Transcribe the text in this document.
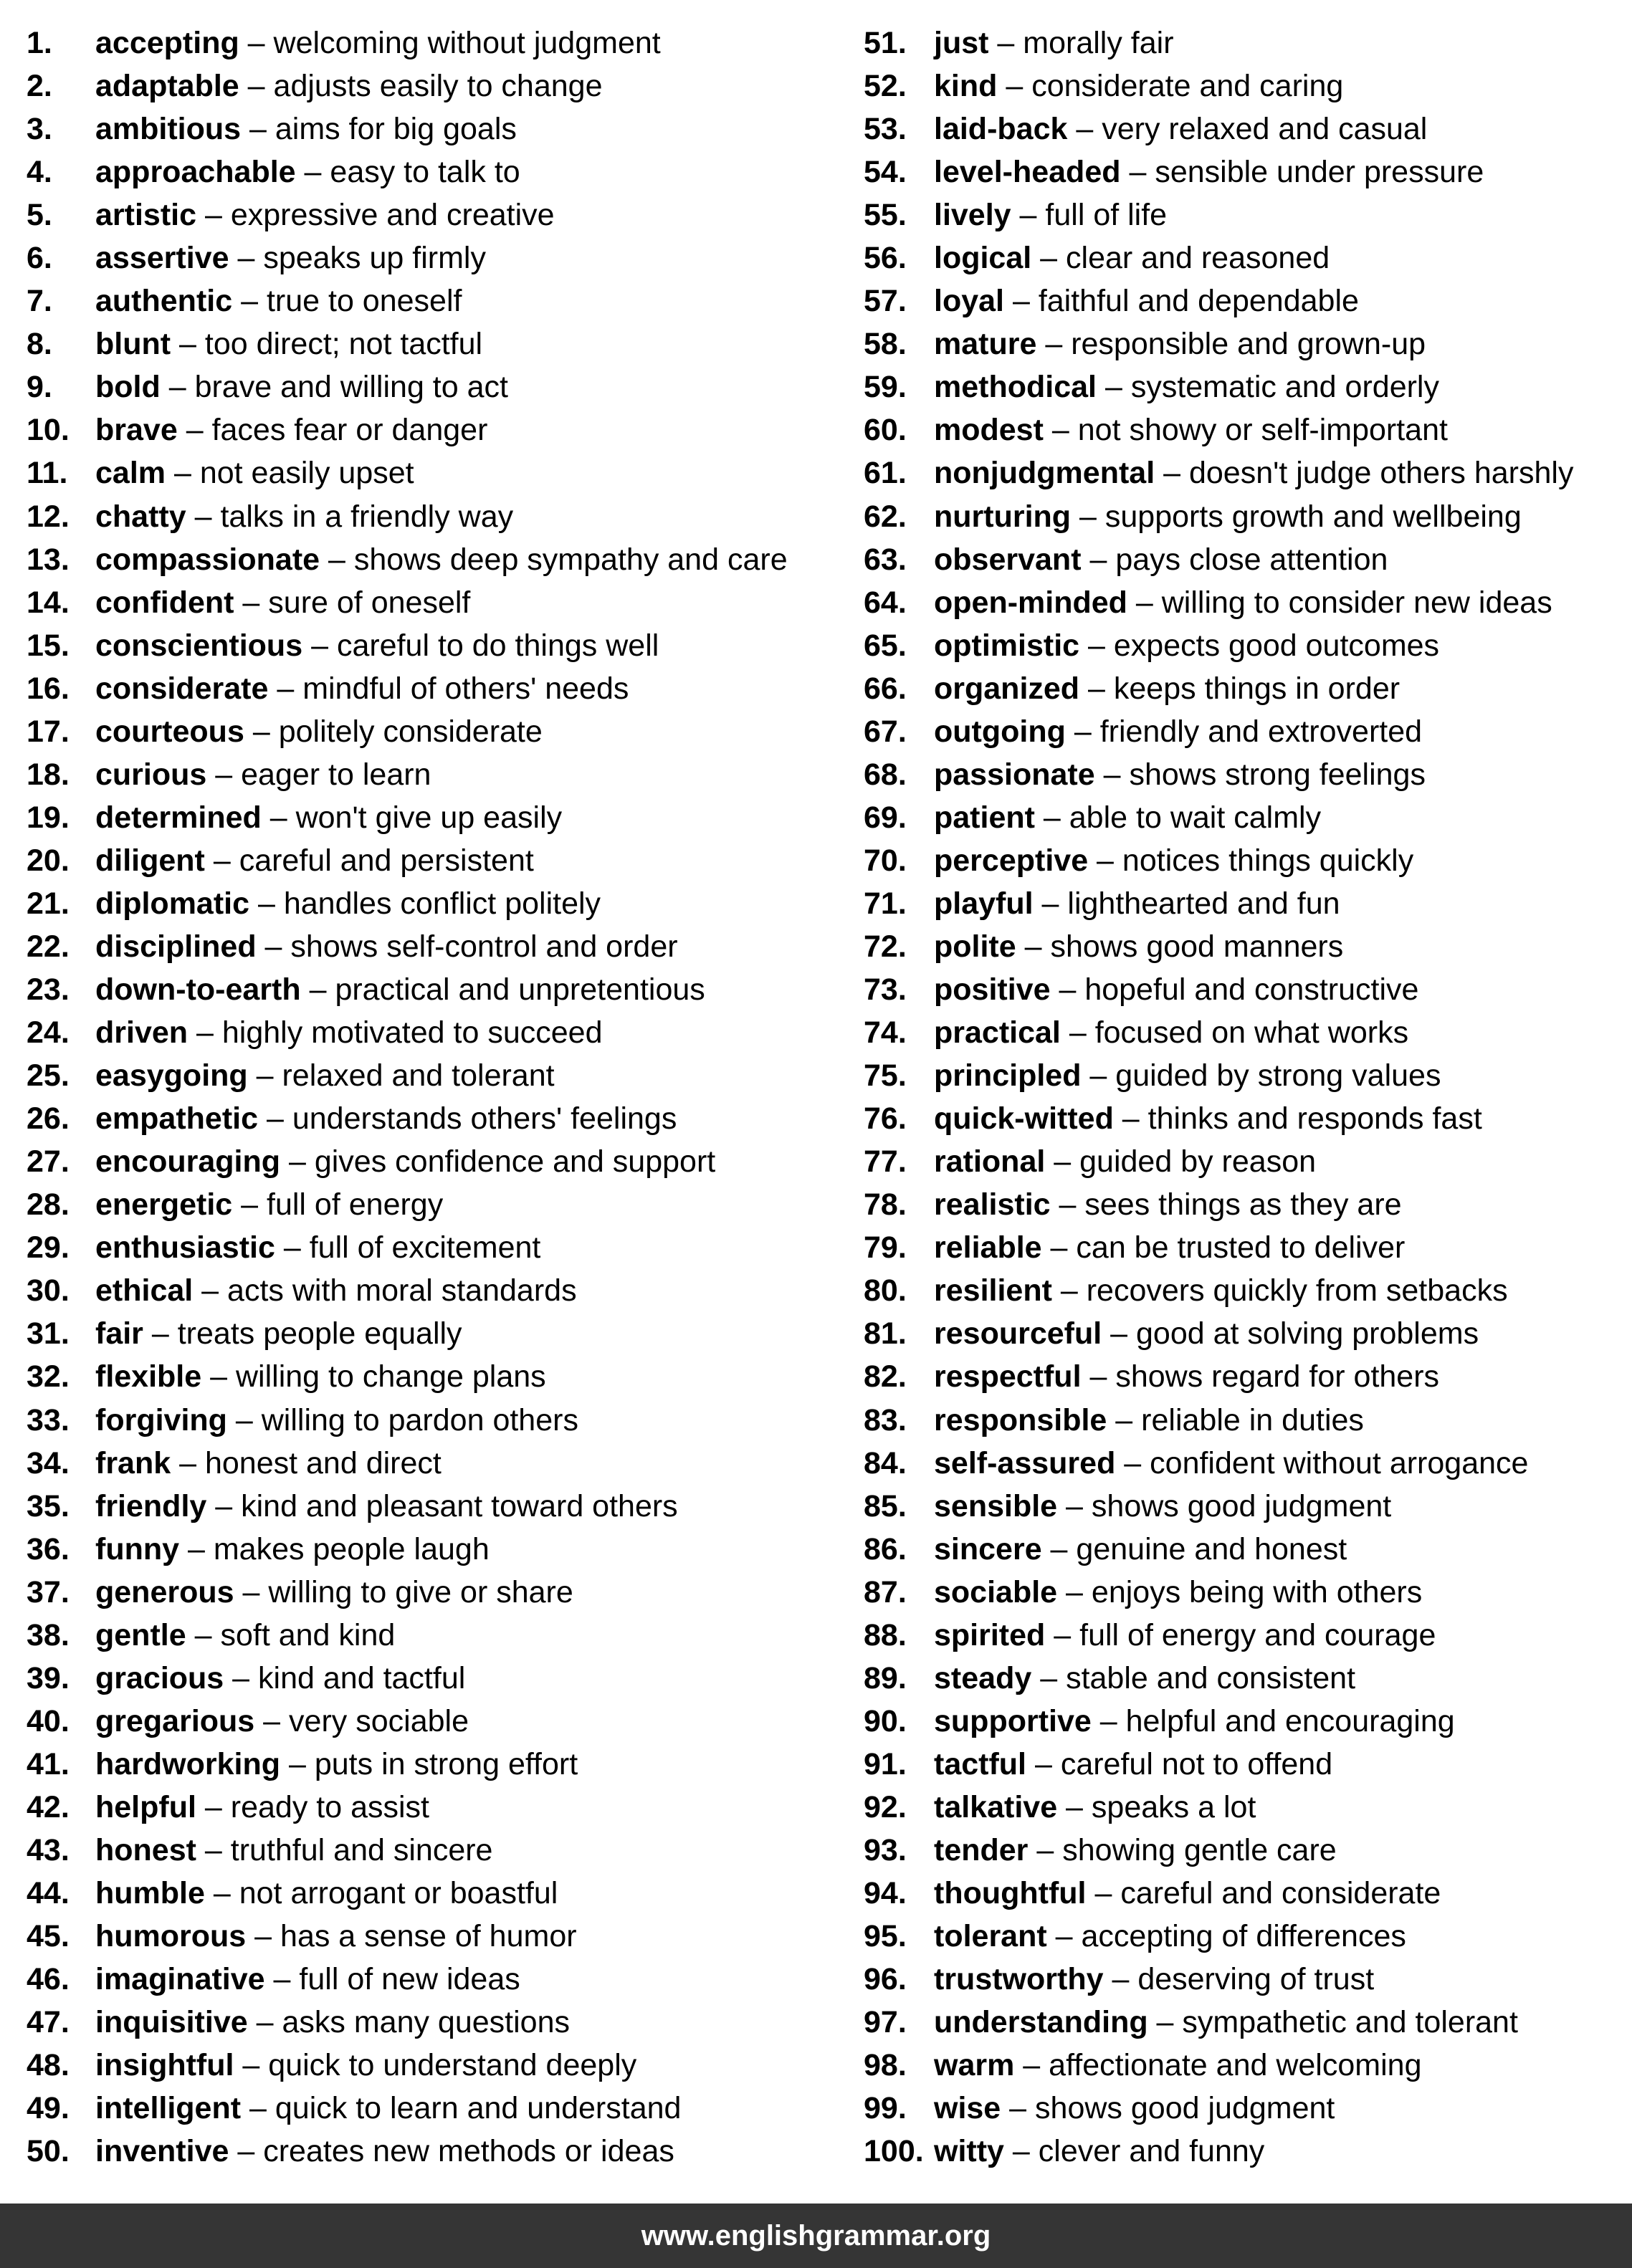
1. accepting – welcoming without judgment
2. adaptable – adjusts easily to change
3. ambitious – aims for big goals
4. approachable – easy to talk to
5. artistic – expressive and creative
6. assertive – speaks up firmly
7. authentic – true to oneself
8. blunt – too direct; not tactful
9. bold – brave and willing to act
10. brave – faces fear or danger
11. calm – not easily upset
12. chatty – talks in a friendly way
13. compassionate – shows deep sympathy and care
14. confident – sure of oneself
15. conscientious – careful to do things well
16. considerate – mindful of others' needs
17. courteous – politely considerate
18. curious – eager to learn
19. determined – won't give up easily
20. diligent – careful and persistent
21. diplomatic – handles conflict politely
22. disciplined – shows self-control and order
23. down-to-earth – practical and unpretentious
24. driven – highly motivated to succeed
25. easygoing – relaxed and tolerant
26. empathetic – understands others' feelings
27. encouraging – gives confidence and support
28. energetic – full of energy
29. enthusiastic – full of excitement
30. ethical – acts with moral standards
31. fair – treats people equally
32. flexible – willing to change plans
33. forgiving – willing to pardon others
34. frank – honest and direct
35. friendly – kind and pleasant toward others
36. funny – makes people laugh
37. generous – willing to give or share
38. gentle – soft and kind
39. gracious – kind and tactful
40. gregarious – very sociable
41. hardworking – puts in strong effort
42. helpful – ready to assist
43. honest – truthful and sincere
44. humble – not arrogant or boastful
45. humorous – has a sense of humor
46. imaginative – full of new ideas
47. inquisitive – asks many questions
48. insightful – quick to understand deeply
49. intelligent – quick to learn and understand
50. inventive – creates new methods or ideas
51. just – morally fair
52. kind – considerate and caring
53. laid-back – very relaxed and casual
54. level-headed – sensible under pressure
55. lively – full of life
56. logical – clear and reasoned
57. loyal – faithful and dependable
58. mature – responsible and grown-up
59. methodical – systematic and orderly
60. modest – not showy or self-important
61. nonjudgmental – doesn't judge others harshly
62. nurturing – supports growth and wellbeing
63. observant – pays close attention
64. open-minded – willing to consider new ideas
65. optimistic – expects good outcomes
66. organized – keeps things in order
67. outgoing – friendly and extroverted
68. passionate – shows strong feelings
69. patient – able to wait calmly
70. perceptive – notices things quickly
71. playful – lighthearted and fun
72. polite – shows good manners
73. positive – hopeful and constructive
74. practical – focused on what works
75. principled – guided by strong values
76. quick-witted – thinks and responds fast
77. rational – guided by reason
78. realistic – sees things as they are
79. reliable – can be trusted to deliver
80. resilient – recovers quickly from setbacks
81. resourceful – good at solving problems
82. respectful – shows regard for others
83. responsible – reliable in duties
84. self-assured – confident without arrogance
85. sensible – shows good judgment
86. sincere – genuine and honest
87. sociable – enjoys being with others
88. spirited – full of energy and courage
89. steady – stable and consistent
90. supportive – helpful and encouraging
91. tactful – careful not to offend
92. talkative – speaks a lot
93. tender – showing gentle care
94. thoughtful – careful and considerate
95. tolerant – accepting of differences
96. trustworthy – deserving of trust
97. understanding – sympathetic and tolerant
98. warm – affectionate and welcoming
99. wise – shows good judgment
100. witty – clever and funny
www.englishgrammar.org
